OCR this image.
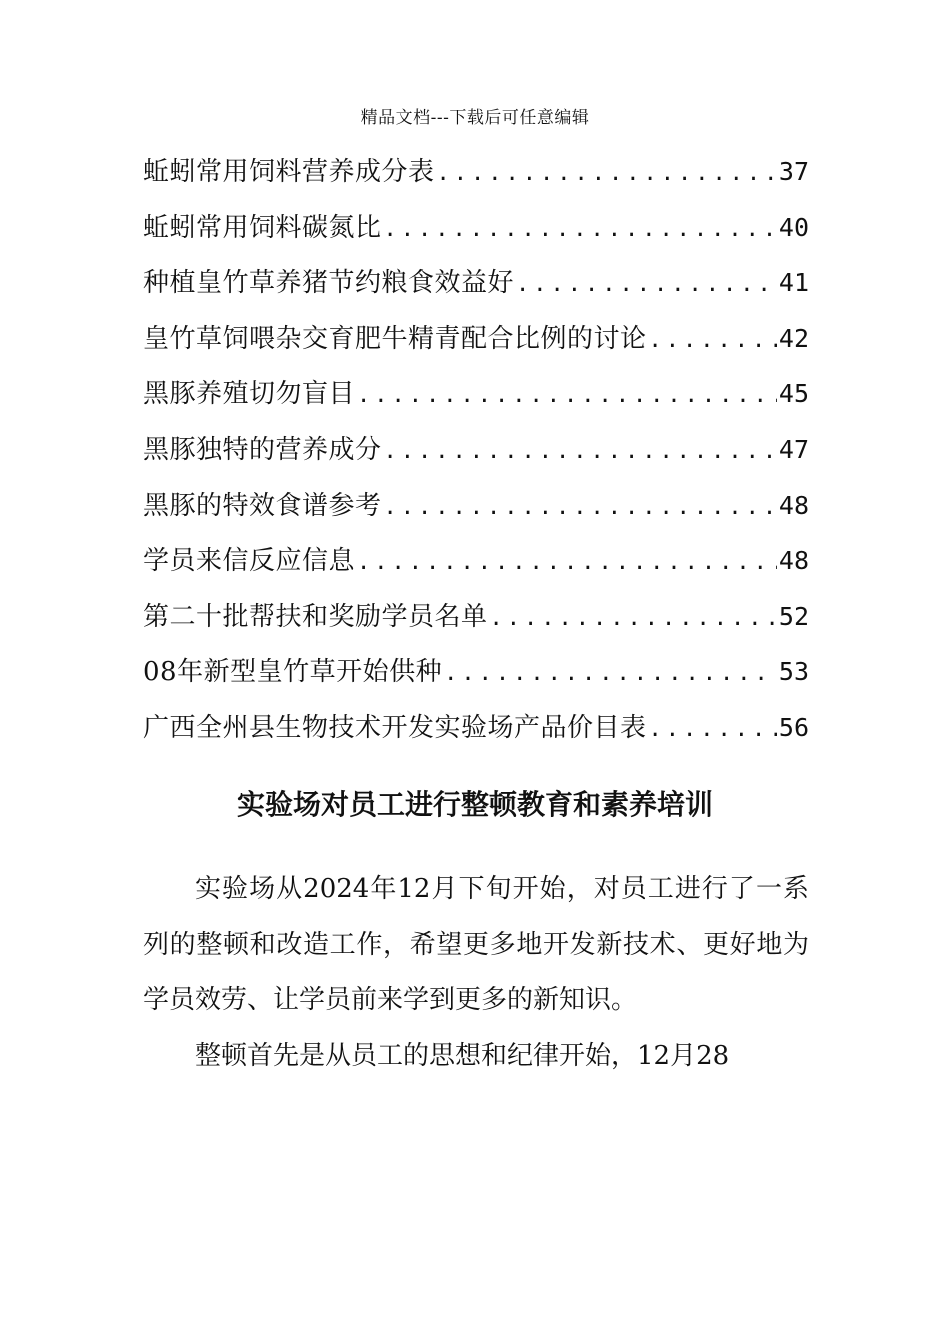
精品文档---下载后可任意编辑
蚯蚓常用饲料营养成分表 .....	37
蚯蚓常用饲料碳氮比 .....	40
种植皇竹草养猪节约粮食效益好 .....	41
皇竹草饲喂杂交育肥牛精青配合比例的讨论 .....	42
黑豚养殖切勿盲目 .....	45
黑豚独特的营养成分 .....	47
黑豚的特效食谱参考 .....	48
学员来信反应信息 .....	48
第二十批帮扶和奖励学员名单 .....	52
08年新型皇竹草开始供种 .....	53
广西全州县生物技术开发实验场产品价目表 .....	56
实验场对员工进行整顿教育和素养培训

实验场从2024年12月下旬开始，对员工进行了一系列的整顿和改造工作，希望更多地开发新技术、更好地为学员效劳、让学员前来学到更多的新知识。

整顿首先是从员工的思想和纪律开始，12月28
